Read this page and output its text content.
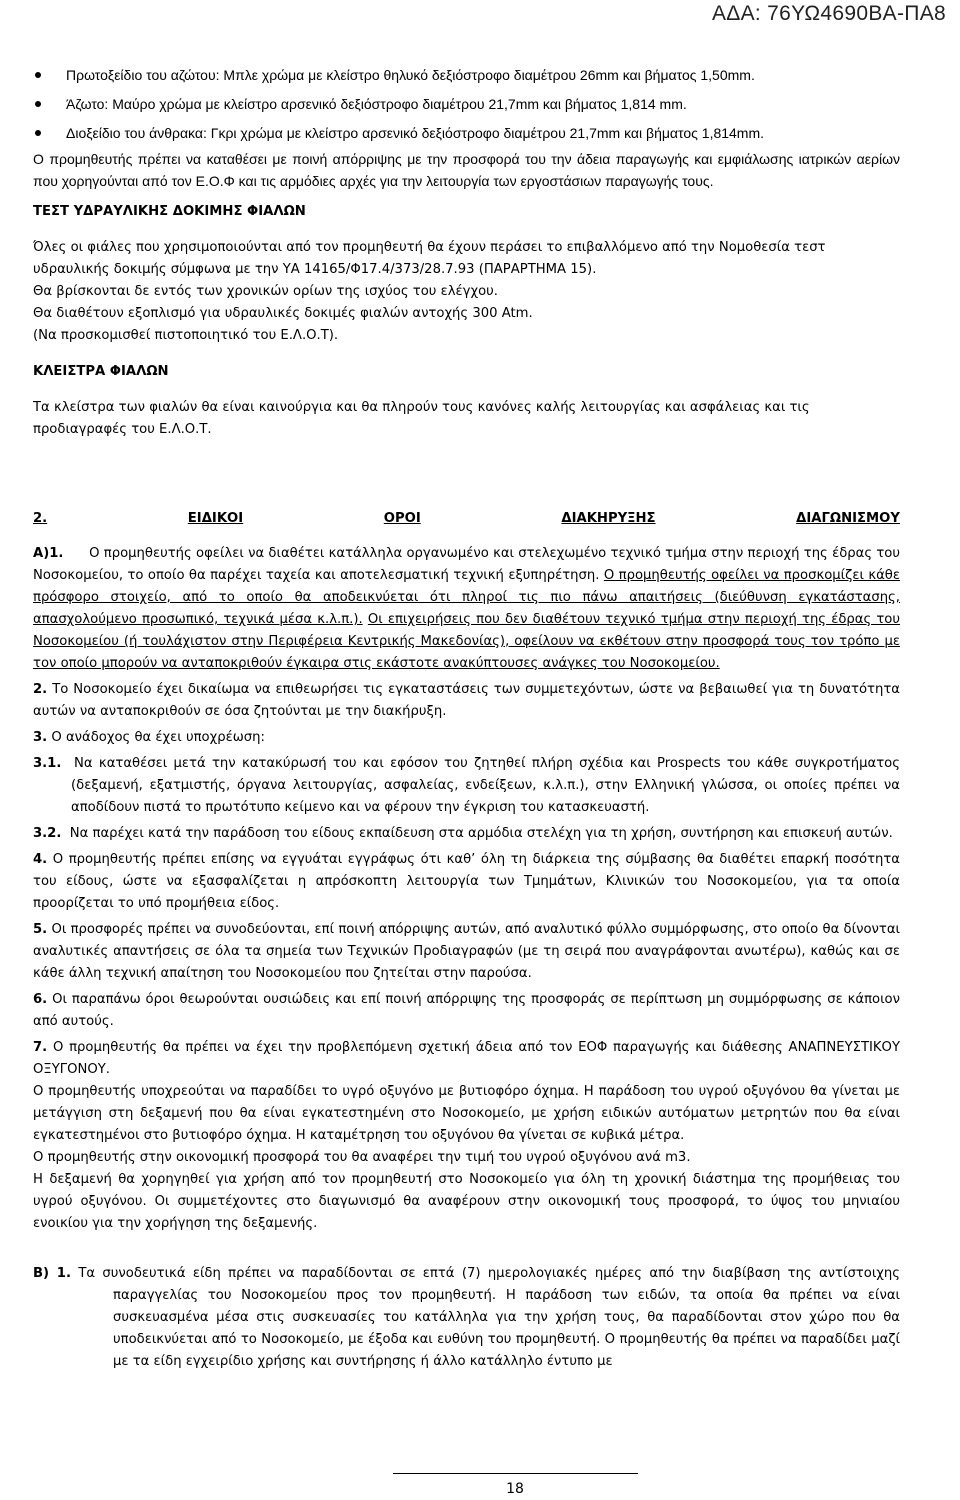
ΑΔΑ: 76ΥΩ4690ΒΑ-ΠΑ8
Πρωτοξείδιο του αζώτου: Μπλε χρώμα με κλείστρο θηλυκό δεξιόστροφο διαμέτρου 26mm και βήματος 1,50mm.
Άζωτο: Μαύρο χρώμα με κλείστρο αρσενικό δεξιόστροφο διαμέτρου 21,7mm και βήματος 1,814 mm.
Διοξείδιο του άνθρακα: Γκρι χρώμα με κλείστρο αρσενικό δεξιόστροφο διαμέτρου 21,7mm και βήματος 1,814mm.

Ο προμηθευτής πρέπει να καταθέσει με ποινή απόρριψης με την προσφορά του την άδεια παραγωγής και εμφιάλωσης ιατρικών αερίων που χορηγούνται από τον Ε.Ο.Φ και τις αρμόδιες αρχές για την λειτουργία των εργοστάσιων παραγωγής τους.

ΤΕΣΤ ΥΔΡΑΥΛΙΚΗΣ ΔΟΚΙΜΗΣ ΦΙΑΛΩΝ

Όλες οι φιάλες που χρησιμοποιούνται από τον προμηθευτή θα έχουν περάσει το επιβαλλόμενο από την Νομοθεσία τεστ υδραυλικής δοκιμής σύμφωνα με την ΥΑ 14165/Φ17.4/373/28.7.93 (ΠΑΡΑΡΤΗΜΑ 15).

Θα βρίσκονται δε εντός των χρονικών ορίων της ισχύος του ελέγχου.

Θα διαθέτουν εξοπλισμό για υδραυλικές δοκιμές φιαλών αντοχής 300 Atm.

(Να προσκομισθεί πιστοποιητικό του Ε.Λ.Ο.Τ).

ΚΛΕΙΣΤΡΑ ΦΙΑΛΩΝ

Τα κλείστρα των φιαλών θα είναι καινούργια και θα πληρούν τους κανόνες καλής λειτουργίας και ασφάλειας και τις προδιαγραφές του Ε.Λ.Ο.Τ.

2.	ΕΙΔΙΚΟΙ	ΟΡΟΙ	ΔΙΑΚΗΡΥΞΗΣ	ΔΙΑΓΩΝΙΣΜΟΥ

Α)1. Ο προμηθευτής οφείλει να διαθέτει κατάλληλα οργανωμένο και στελεχωμένο τεχνικό τμήμα στην περιοχή της έδρας του Νοσοκομείου, το οποίο θα παρέχει ταχεία και αποτελεσματική τεχνική εξυπηρέτηση. Ο προμηθευτής οφείλει να προσκομίζει κάθε πρόσφορο στοιχείο, από το οποίο θα αποδεικνύεται ότι πληροί τις πιο πάνω απαιτήσεις (διεύθυνση εγκατάστασης, απασχολούμενο προσωπικό, τεχνικά μέσα κ.λ.π.). Οι επιχειρήσεις που δεν διαθέτουν τεχνικό τμήμα στην περιοχή της έδρας του Νοσοκομείου (ή τουλάχιστον στην Περιφέρεια Κεντρικής Μακεδονίας), οφείλουν να εκθέτουν στην προσφορά τους τον τρόπο με τον οποίο μπορούν να ανταποκριθούν έγκαιρα στις εκάστοτε ανακύπτουσες ανάγκες του Νοσοκομείου.

2. Το Νοσοκομείο έχει δικαίωμα να επιθεωρήσει τις εγκαταστάσεις των συμμετεχόντων, ώστε να βεβαιωθεί για τη δυνατότητα αυτών να ανταποκριθούν σε όσα ζητούνται με την διακήρυξη.

3. Ο ανάδοχος θα έχει υποχρέωση:

3.1. Να καταθέσει μετά την κατακύρωσή του και εφόσον του ζητηθεί πλήρη σχέδια και Prospects του κάθε συγκροτήματος (δεξαμενή, εξατμιστής, όργανα λειτουργίας, ασφαλείας, ενδείξεων, κ.λ.π.), στην Ελληνική γλώσσα, οι οποίες πρέπει να αποδίδουν πιστά το πρωτότυπο κείμενο και να φέρουν την έγκριση του κατασκευαστή.

3.2. Να παρέχει κατά την παράδοση του είδους εκπαίδευση στα αρμόδια στελέχη για τη χρήση, συντήρηση και επισκευή αυτών.

4. Ο προμηθευτής πρέπει επίσης να εγγυάται εγγράφως ότι καθ’ όλη τη διάρκεια της σύμβασης θα διαθέτει επαρκή ποσότητα του είδους, ώστε να εξασφαλίζεται η απρόσκοπτη λειτουργία των Τμημάτων, Κλινικών του Νοσοκομείου, για τα οποία προορίζεται το υπό προμήθεια είδος.

5. Οι προσφορές πρέπει να συνοδεύονται, επί ποινή απόρριψης αυτών, από αναλυτικό φύλλο συμμόρφωσης, στο οποίο θα δίνονται αναλυτικές απαντήσεις σε όλα τα σημεία των Τεχνικών Προδιαγραφών (με τη σειρά που αναγράφονται ανωτέρω), καθώς και σε κάθε άλλη τεχνική απαίτηση του Νοσοκομείου που ζητείται στην παρούσα.

6. Οι παραπάνω όροι θεωρούνται ουσιώδεις και επί ποινή απόρριψης της προσφοράς σε περίπτωση μη συμμόρφωσης σε κάποιον από αυτούς.

7. Ο προμηθευτής θα πρέπει να έχει την προβλεπόμενη σχετική άδεια από τον ΕΟΦ παραγωγής και διάθεσης ΑΝΑΠΝΕΥΣΤΙΚΟΥ ΟΞΥΓΟΝΟΥ.

Ο προμηθευτής υποχρεούται να παραδίδει το υγρό οξυγόνο με βυτιοφόρο όχημα. Η παράδοση του υγρού οξυγόνου θα γίνεται με μετάγγιση στη δεξαμενή που θα είναι εγκατεστημένη στο Νοσοκομείο, με χρήση ειδικών αυτόματων μετρητών που θα είναι εγκατεστημένοι στο βυτιοφόρο όχημα. Η καταμέτρηση του οξυγόνου θα γίνεται σε κυβικά μέτρα.

Ο προμηθευτής στην οικονομική προσφορά του θα αναφέρει την τιμή του υγρού οξυγόνου ανά m3.

Η δεξαμενή θα χορηγηθεί για χρήση από τον προμηθευτή στο Νοσοκομείο για όλη τη χρονική διάστημα της προμήθειας του υγρού οξυγόνου. Οι συμμετέχοντες στο διαγωνισμό θα αναφέρουν στην οικονομική τους προσφορά, το ύψος του μηνιαίου ενοικίου για την χορήγηση της δεξαμενής.

Β) 1. Τα συνοδευτικά είδη πρέπει να παραδίδονται σε επτά (7) ημερολογιακές ημέρες από την διαβίβαση της αντίστοιχης παραγγελίας του Νοσοκομείου προς τον προμηθευτή. Η παράδοση των ειδών, τα οποία θα πρέπει να είναι συσκευασμένα μέσα στις συσκευασίες του κατάλληλα για την χρήση τους, θα παραδίδονται στον χώρο που θα υποδεικνύεται από το Νοσοκομείο, με έξοδα και ευθύνη του προμηθευτή. Ο προμηθευτής θα πρέπει να παραδίδει μαζί με τα είδη εγχειρίδιο χρήσης και συντήρησης ή άλλο κατάλληλο έντυπο με

18
